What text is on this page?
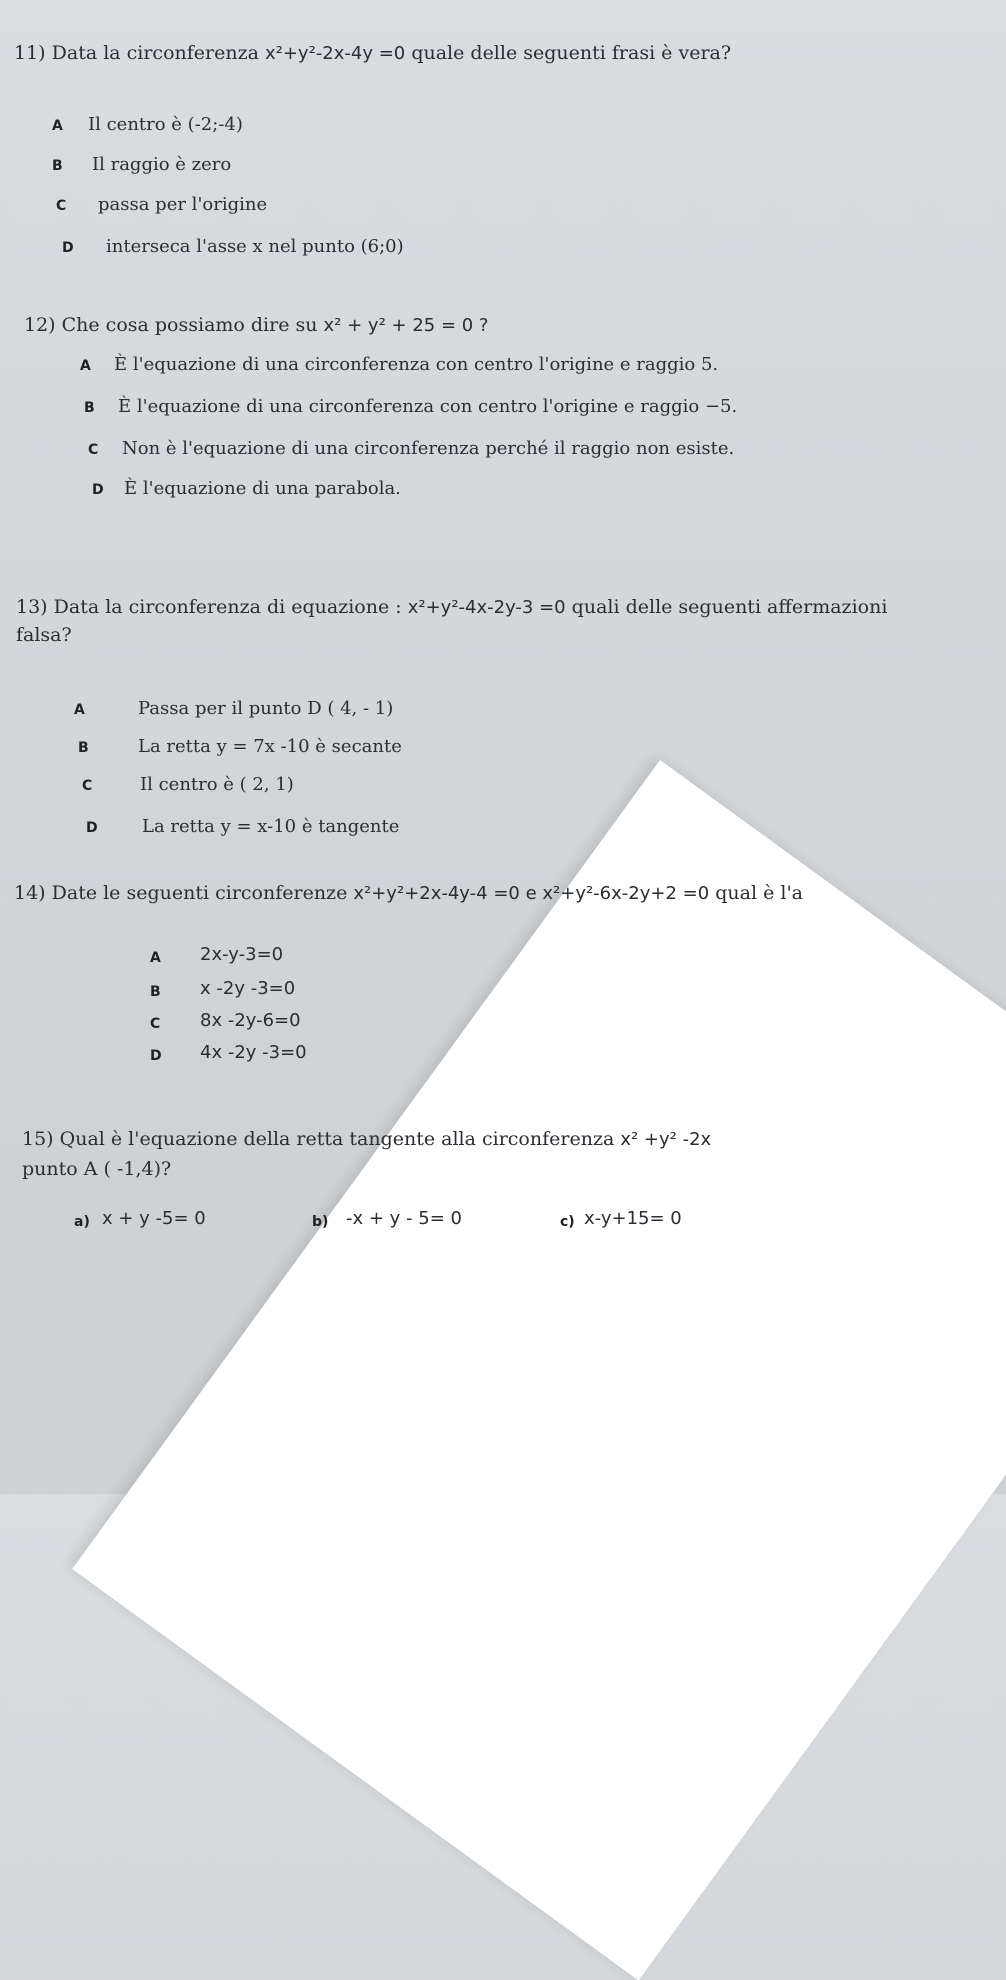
11) Data la circonferenza x²+y²-2x-4y =0 quale delle seguenti frasi è vera?
A Il centro è (-2;-4)
B Il raggio è zero
C passa per l'origine
D interseca l'asse x nel punto (6;0)
12) Che cosa possiamo dire su x² + y² + 25 = 0 ?
A È l'equazione di una circonferenza con centro l'origine e raggio 5.
B È l'equazione di una circonferenza con centro l'origine e raggio −5.
C Non è l'equazione di una circonferenza perché il raggio non esiste.
D È l'equazione di una parabola.
13) Data la circonferenza di equazione : x²+y²-4x-2y-3 =0 quali delle seguenti affermazioni
falsa?
A	Passa per il punto D ( 4, - 1)
B	La retta y = 7x -10 è secante
C	Il centro è ( 2, 1)
D La retta y = x-10 è tangente
14) Date le seguenti circonferenze x²+y²+2x-4y-4 =0 e x²+y²-6x-2y+2 =0 qual è l'a
A 2x-y-3=0
B x -2y -3=0
C 8x -2y-6=0
D 4x -2y -3=0
15) Qual è l'equazione della retta tangente alla circonferenza x² +y² -2x
punto A ( -1,4)?
a) x + y -5= 0	b) -x + y - 5= 0	c) x-y+15= 0
